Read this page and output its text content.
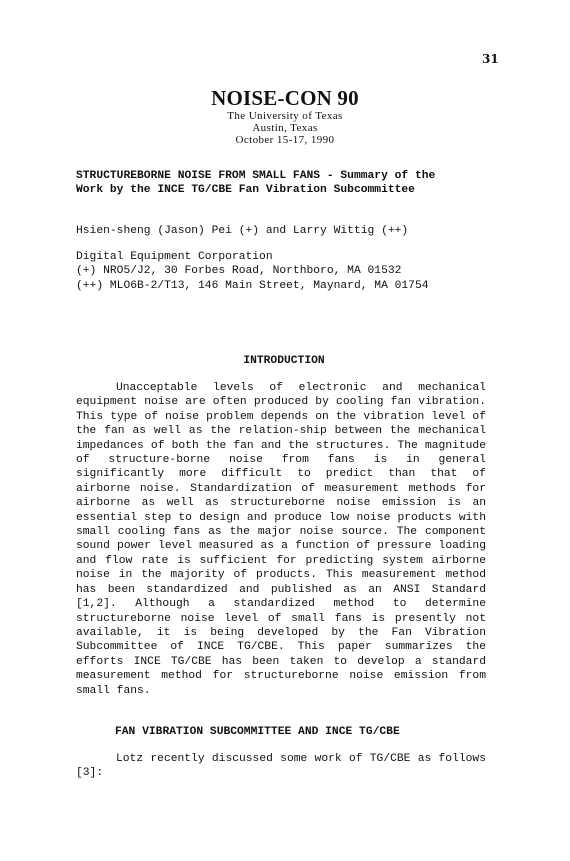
31
NOISE-CON 90
The University of Texas
Austin, Texas
October 15-17, 1990
STRUCTUREBORNE NOISE FROM SMALL FANS - Summary of the
Work by the INCE TG/CBE Fan Vibration Subcommittee
Hsien-sheng (Jason) Pei (+) and Larry Wittig (++)
Digital Equipment Corporation
(+) NRO5/J2, 30 Forbes Road, Northboro, MA 01532
(++) MLO6B-2/T13, 146 Main Street, Maynard, MA 01754
INTRODUCTION
Unacceptable levels of electronic and mechanical equipment noise are often produced by cooling fan vibration. This type of noise problem depends on the vibration level of the fan as well as the relation-ship between the mechanical impedances of both the fan and the structures. The magnitude of structure-borne noise from fans is in general significantly more difficult to predict than that of airborne noise. Standardization of measurement methods for airborne as well as structureborne noise emission is an essential step to design and produce low noise products with small cooling fans as the major noise source. The component sound power level measured as a function of pressure loading and flow rate is sufficient for predicting system airborne noise in the majority of products. This measurement method has been standardized and published as an ANSI Standard [1,2]. Although a standardized method to determine structureborne noise level of small fans is presently not available, it is being developed by the Fan Vibration Subcommittee of INCE TG/CBE. This paper summarizes the efforts INCE TG/CBE has been taken to develop a standard measurement method for structureborne noise emission from small fans.
FAN VIBRATION SUBCOMMITTEE AND INCE TG/CBE
Lotz recently discussed some work of TG/CBE as follows [3]:
